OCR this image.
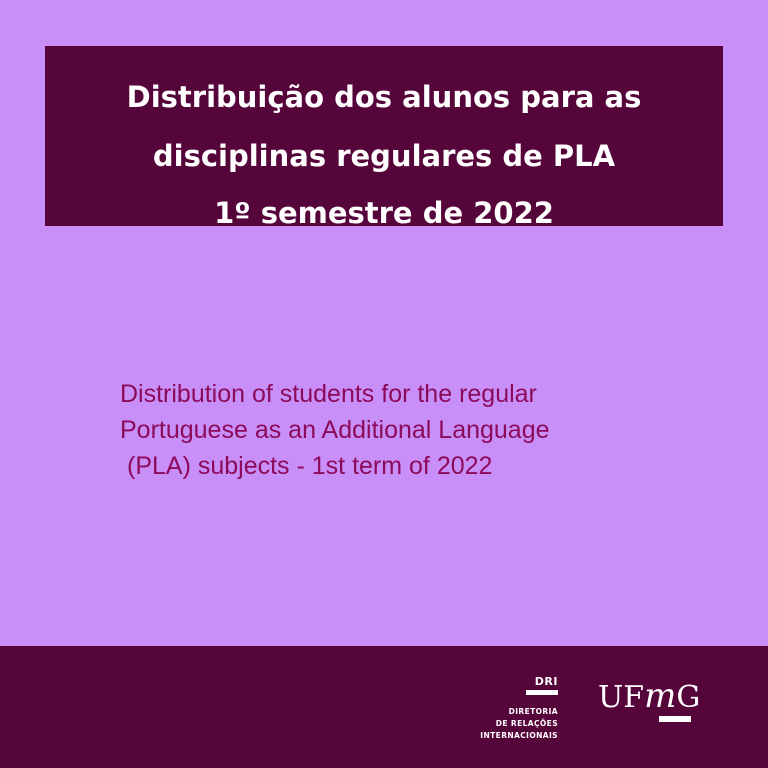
Distribuição dos alunos para as
disciplinas regulares de PLA
1º semestre de 2022
Distribution of students for the regular
Portuguese as an Additional Language
(PLA) subjects - 1st term of 2022
DRI
DIRETORIA
DE RELAÇÕES
INTERNACIONAIS
UFmG
